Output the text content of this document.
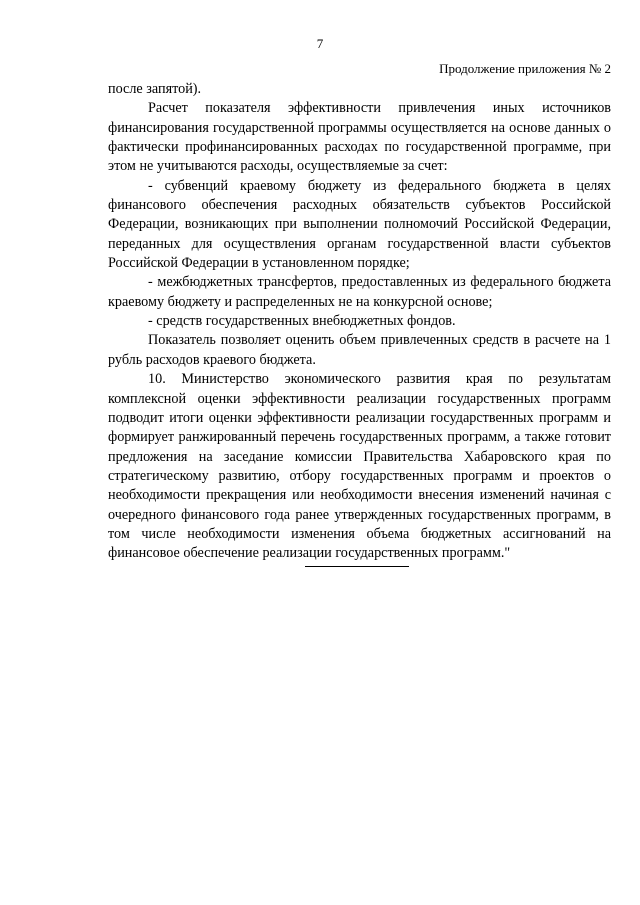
7
Продолжение приложения № 2

после запятой).

Расчет показателя эффективности привлечения иных источников финансирования государственной программы осуществляется на основе данных о фактически профинансированных расходах по государственной программе, при этом не учитываются расходы, осуществляемые за счет:

- субвенций краевому бюджету из федерального бюджета в целях финансового обеспечения расходных обязательств субъектов Российской Федерации, возникающих при выполнении полномочий Российской Федерации, переданных для осуществления органам государственной власти субъектов Российской Федерации в установленном порядке;

- межбюджетных трансфертов, предоставленных из федерального бюджета краевому бюджету и распределенных не на конкурсной основе;

- средств государственных внебюджетных фондов.

Показатель позволяет оценить объем привлеченных средств в расчете на 1 рубль расходов краевого бюджета.

10. Министерство экономического развития края по результатам комплексной оценки эффективности реализации государственных программ подводит итоги оценки эффективности реализации государственных программ и формирует ранжированный перечень государственных программ, а также готовит предложения на заседание комиссии Правительства Хабаровского края по стратегическому развитию, отбору государственных программ и проектов о необходимости прекращения или необходимости внесения изменений начиная с очередного финансового года ранее утвержденных государственных программ, в том числе необходимости изменения объема бюджетных ассигнований на финансовое обеспечение реализации государственных программ."
